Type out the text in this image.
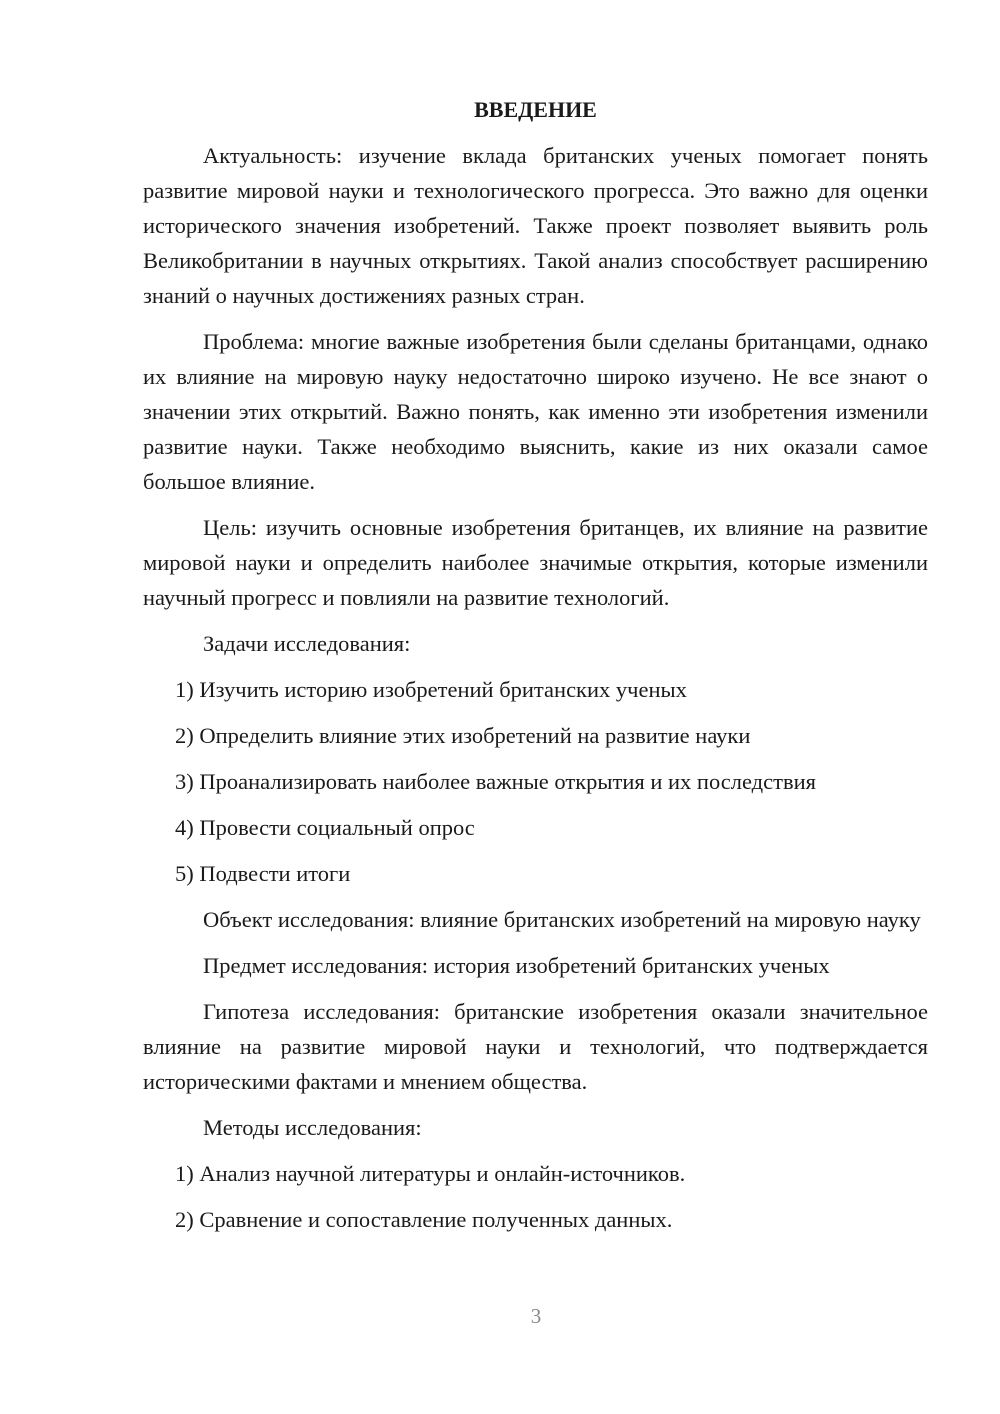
ВВЕДЕНИЕ

Актуальность: изучение вклада британских ученых помогает понять развитие мировой науки и технологического прогресса. Это важно для оценки исторического значения изобретений. Также проект позволяет выявить роль Великобритании в научных открытиях. Такой анализ способствует расширению знаний о научных достижениях разных стран.

Проблема: многие важные изобретения были сделаны британцами, однако их влияние на мировую науку недостаточно широко изучено. Не все знают о значении этих открытий. Важно понять, как именно эти изобретения изменили развитие науки. Также необходимо выяснить, какие из них оказали самое большое влияние.

Цель: изучить основные изобретения британцев, их влияние на развитие мировой науки и определить наиболее значимые открытия, которые изменили научный прогресс и повлияли на развитие технологий.

Задачи исследования:
1) Изучить историю изобретений британских ученых
2) Определить влияние этих изобретений на развитие науки
3) Проанализировать наиболее важные открытия и их последствия
4) Провести социальный опрос
5) Подвести итоги

Объект исследования: влияние британских изобретений на мировую науку

Предмет исследования: история изобретений британских ученых

Гипотеза исследования: британские изобретения оказали значительное влияние на развитие мировой науки и технологий, что подтверждается историческими фактами и мнением общества.

Методы исследования:
1) Анализ научной литературы и онлайн-источников.
2) Сравнение и сопоставление полученных данных.
3
